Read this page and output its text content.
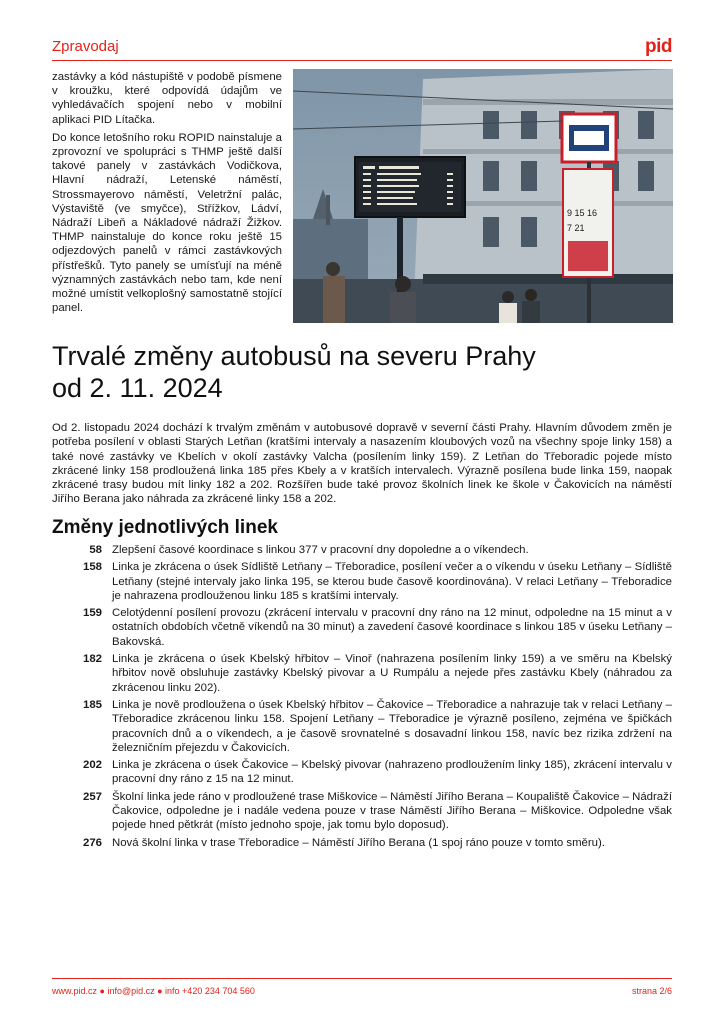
Zpravodaj	pid

zastávky a kód nástupiště v podobě písmene v kroužku, které odpovídá údajům ve vyhledávačích spojení nebo v mobilní aplikaci PID Lítačka.

Do konce letošního roku ROPID nainstaluje a zprovozní ve spolupráci s THMP ještě další takové panely v zastávkách Vodičkova, Hlavní nádraží, Letenské náměstí, Strossmayerovo náměstí, Veletržní palác, Výstaviště (ve smyčce), Střížkov, Ládví, Nádraží Libeň a Nákladové nádraží Žižkov. THMP nainstaluje do konce roku ještě 15 odjezdových panelů v rámci zastávkových přístřešků. Tyto panely se umísťují na méně významných zastávkách nebo tam, kde není možné umístit velkoplošný samostatně stojící panel.

9 15 16
7 21
Trvalé změny autobusů na severu Prahy
od 2. 11. 2024

Od 2. listopadu 2024 dochází k trvalým změnám v autobusové dopravě v severní části Prahy. Hlavním důvodem změn je potřeba posílení v oblasti Starých Letňan (kratšími intervaly a nasazením kloubových vozů na všechny spoje linky 158) a také nové zastávky ve Kbelích v okolí zastávky Valcha (posílením linky 159). Z Letňan do Třeboradic pojede místo zkrácené linky 158 prodloužená linka 185 přes Kbely a v kratších intervalech. Výrazně posílena bude linka 159, naopak zkrácené trasy budou mít linky 182 a 202. Rozšířen bude také provoz školních linek ke škole v Čakovicích na náměstí Jiřího Berana jako náhrada za zkrácené linky 158 a 202.

Změny jednotlivých linek
58 Zlepšení časové koordinace s linkou 377 v pracovní dny dopoledne a o víkendech.
158 Linka je zkrácena o úsek Sídliště Letňany – Třeboradice, posílení večer a o víkendu v úseku Letňany – Sídliště Letňany (stejné intervaly jako linka 195, se kterou bude časově koordinována). V relaci Letňany – Třeboradice je nahrazena prodlouženou linku 185 s kratšími intervaly.
159 Celotýdenní posílení provozu (zkrácení intervalu v pracovní dny ráno na 12 minut, odpoledne na 15 minut a v ostatních obdobích včetně víkendů na 30 minut) a zavedení časové koordinace s linkou 185 v úseku Letňany – Bakovská.
182 Linka je zkrácena o úsek Kbelský hřbitov – Vinoř (nahrazena posílením linky 159) a ve směru na Kbelský hřbitov nově obsluhuje zastávky Kbelský pivovar a U Rumpálu a nejede přes zastávku Kbely (náhradou za zkrácenou linku 202).
185 Linka je nově prodloužena o úsek Kbelský hřbitov – Čakovice – Třeboradice a nahrazuje tak v relaci Letňany – Třeboradice zkrácenou linku 158. Spojení Letňany – Třeboradice je výrazně posíleno, zejména ve špičkách pracovních dnů a o víkendech, a je časově srovnatelné s dosavadní linkou 158, navíc bez rizika zdržení na železničním přejezdu v Čakovicích.
202 Linka je zkrácena o úsek Čakovice – Kbelský pivovar (nahrazeno prodloužením linky 185), zkrácení intervalu v pracovní dny ráno z 15 na 12 minut.
257 Školní linka jede ráno v prodloužené trase Miškovice – Náměstí Jiřího Berana – Koupaliště Čakovice – Nádraží Čakovice, odpoledne je i nadále vedena pouze v trase Náměstí Jiřího Berana – Miškovice. Odpoledne však pojede hned pětkrát (místo jednoho spoje, jak tomu bylo doposud).
276 Nová školní linka v trase Třeboradice – Náměstí Jiřího Berana (1 spoj ráno pouze v tomto směru).
www.pid.cz ● info@pid.cz ● info +420 234 704 560	strana 2/6
